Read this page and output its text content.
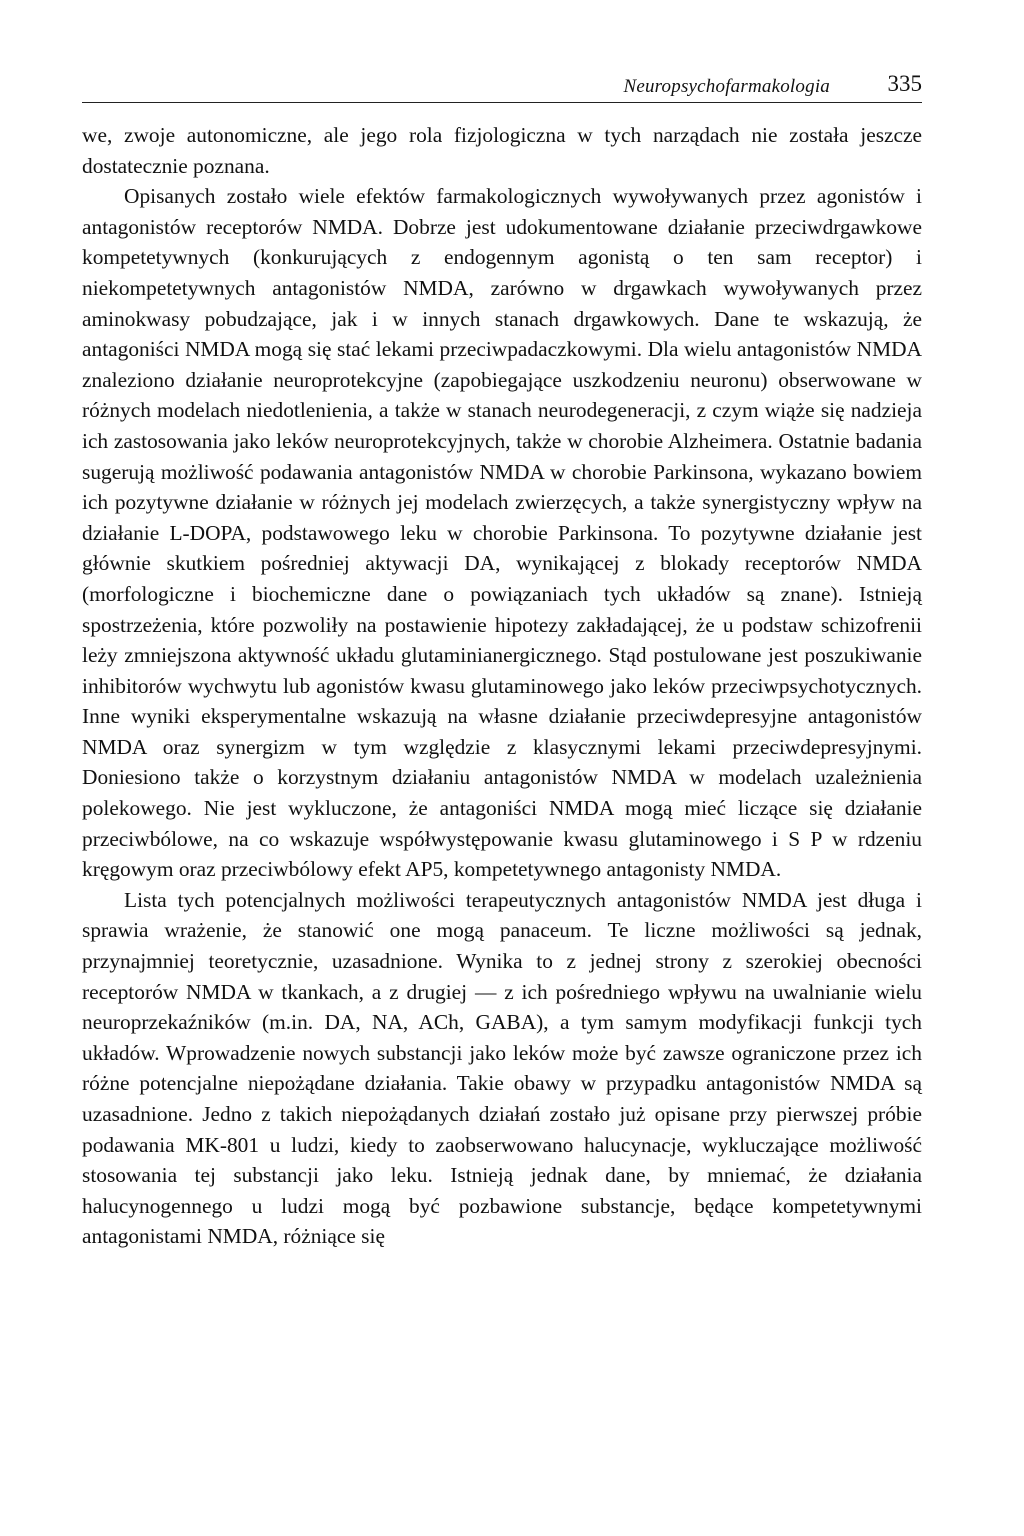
Neuropsychofarmakologia	335

we, zwoje autonomiczne, ale jego rola fizjologiczna w tych narządach nie została jeszcze dostatecznie poznana.

Opisanych zostało wiele efektów farmakologicznych wywoływanych przez agonistów i antagonistów receptorów NMDA. Dobrze jest udokumentowane działanie przeciwdrgawkowe kompetetywnych (konkurujących z endogennym agonistą o ten sam receptor) i niekompetetywnych antagonistów NMDA, zarówno w drgawkach wywoływanych przez aminokwasy pobudzające, jak i w innych stanach drgawkowych. Dane te wskazują, że antagoniści NMDA mogą się stać lekami przeciwpadaczkowymi. Dla wielu antagonistów NMDA znaleziono działanie neuroprotekcyjne (zapobiegające uszkodzeniu neuronu) obserwowane w różnych modelach niedotlenienia, a także w stanach neurodegeneracji, z czym wiąże się nadzieja ich zastosowania jako leków neuroprotekcyjnych, także w chorobie Alzheimera. Ostatnie badania sugerują możliwość podawania antagonistów NMDA w chorobie Parkinsona, wykazano bowiem ich pozytywne działanie w różnych jej modelach zwierzęcych, a także synergistyczny wpływ na działanie L-DOPA, podstawowego leku w chorobie Parkinsona. To pozytywne działanie jest głównie skutkiem pośredniej aktywacji DA, wynikającej z blokady receptorów NMDA (morfologiczne i biochemiczne dane o powiązaniach tych układów są znane). Istnieją spostrzeżenia, które pozwoliły na postawienie hipotezy zakładającej, że u podstaw schizofrenii leży zmniejszona aktywność układu glutaminianergicznego. Stąd postulowane jest poszukiwanie inhibitorów wychwytu lub agonistów kwasu glutaminowego jako leków przeciwpsychotycznych. Inne wyniki eksperymentalne wskazują na własne działanie przeciwdepresyjne antagonistów NMDA oraz synergizm w tym względzie z klasycznymi lekami przeciwdepresyjnymi. Doniesiono także o korzystnym działaniu antagonistów NMDA w modelach uzależnienia polekowego. Nie jest wykluczone, że antagoniści NMDA mogą mieć liczące się działanie przeciwbólowe, na co wskazuje współwystępowanie kwasu glutaminowego i S P w rdzeniu kręgowym oraz przeciwbólowy efekt AP5, kompetetywnego antagonisty NMDA.

Lista tych potencjalnych możliwości terapeutycznych antagonistów NMDA jest długa i sprawia wrażenie, że stanowić one mogą panaceum. Te liczne możliwości są jednak, przynajmniej teoretycznie, uzasadnione. Wynika to z jednej strony z szerokiej obecności receptorów NMDA w tkankach, a z drugiej — z ich pośredniego wpływu na uwalnianie wielu neuroprzekaźników (m.in. DA, NA, ACh, GABA), a tym samym modyfikacji funkcji tych układów. Wprowadzenie nowych substancji jako leków może być zawsze ograniczone przez ich różne potencjalne niepożądane działania. Takie obawy w przypadku antagonistów NMDA są uzasadnione. Jedno z takich niepożądanych działań zostało już opisane przy pierwszej próbie podawania MK-801 u ludzi, kiedy to zaobserwowano halucynacje, wykluczające możliwość stosowania tej substancji jako leku. Istnieją jednak dane, by mniemać, że działania halucynogennego u ludzi mogą być pozbawione substancje, będące kompetetywnymi antagonistami NMDA, różniące się
